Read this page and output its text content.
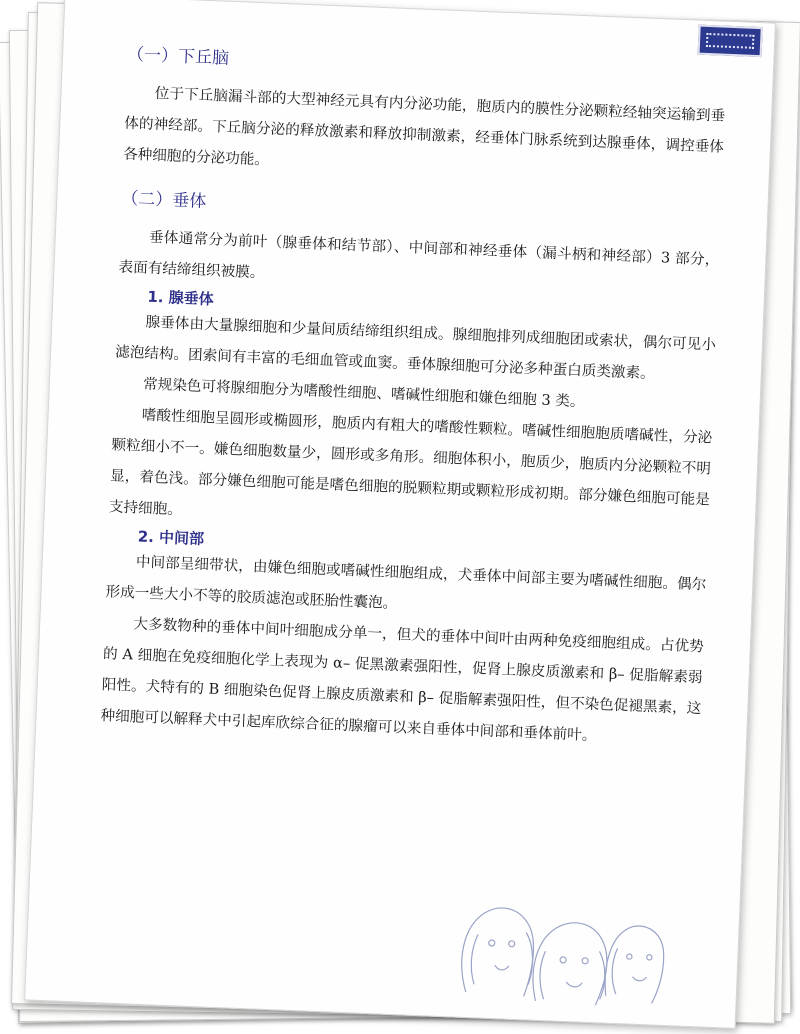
（一）下丘脑

位于下丘脑漏斗部的大型神经元具有内分泌功能，胞质内的膜性分泌颗粒经轴突运输到垂体的神经部。下丘脑分泌的释放激素和释放抑制激素，经垂体门脉系统到达腺垂体，调控垂体各种细胞的分泌功能。

（二）垂体

垂体通常分为前叶（腺垂体和结节部）、中间部和神经垂体（漏斗柄和神经部）3 部分，表面有结缔组织被膜。

1. 腺垂体

腺垂体由大量腺细胞和少量间质结缔组织组成。腺细胞排列成细胞团或索状，偶尔可见小滤泡结构。团索间有丰富的毛细血管或血窦。垂体腺细胞可分泌多种蛋白质类激素。

常规染色可将腺细胞分为嗜酸性细胞、嗜碱性细胞和嫌色细胞 3 类。

嗜酸性细胞呈圆形或椭圆形，胞质内有粗大的嗜酸性颗粒。嗜碱性细胞胞质嗜碱性，分泌颗粒细小不一。嫌色细胞数量少，圆形或多角形。细胞体积小，胞质少，胞质内分泌颗粒不明显，着色浅。部分嫌色细胞可能是嗜色细胞的脱颗粒期或颗粒形成初期。部分嫌色细胞可能是支持细胞。

2. 中间部

中间部呈细带状，由嫌色细胞或嗜碱性细胞组成，犬垂体中间部主要为嗜碱性细胞。偶尔形成一些大小不等的胶质滤泡或胚胎性囊泡。

大多数物种的垂体中间叶细胞成分单一，但犬的垂体中间叶由两种免疫细胞组成。占优势的 A 细胞在免疫细胞化学上表现为 α– 促黑激素强阳性，促肾上腺皮质激素和 β– 促脂解素弱阳性。犬特有的 B 细胞染色促肾上腺皮质激素和 β– 促脂解素强阳性，但不染色促褪黑素，这种细胞可以解释犬中引起库欣综合征的腺瘤可以来自垂体中间部和垂体前叶。
